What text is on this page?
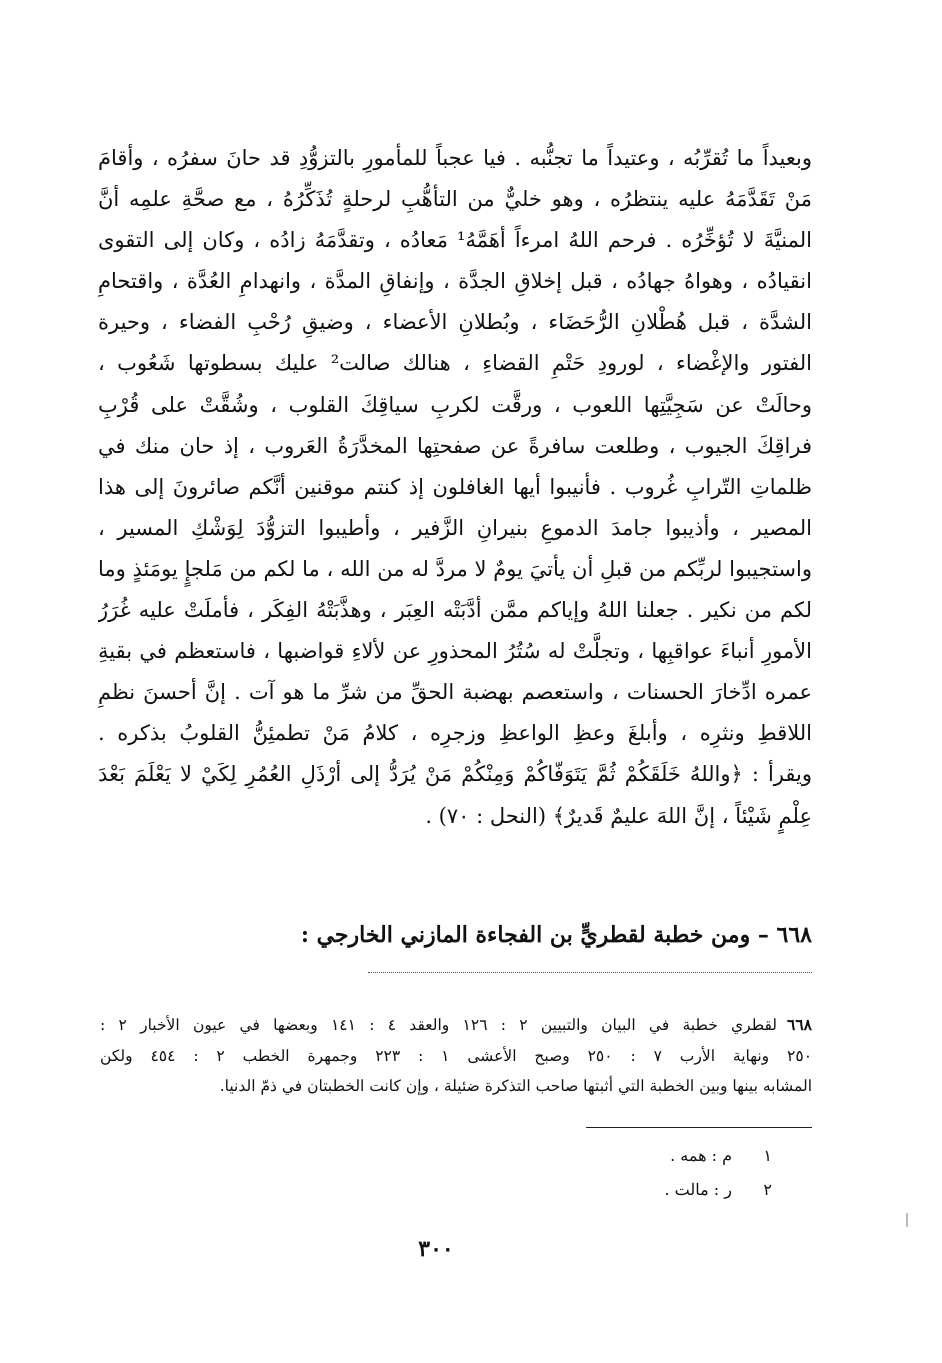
وبعيداً ما تُقرِّبُه ، وعتيداً ما تجنُّبه . فيا عجباً للمأمورِ بالتزوُّدِ قد حانَ سفرُه ، وأقامَ
مَنْ تَقَدَّمَهُ عليه ينتظرُه ، وهو خليٌّ من التأهُّبِ لرحلةٍ تُذَكِّرُهُ ، مع صحَّةِ علمِه أنَّ
المنيَّةَ لا تُؤخِّرُه . فرحم اللهُ امرءاً أهَمَّهُ¹ مَعادُه ، وتقدَّمَهُ زادُه ، وكان إلى التقوى
انقيادُه ، وهواهُ جهادُه ، قبل إخلاقِ الجدَّة ، وإنفاقِ المدَّة ، وانهدامِ العُدَّة ، واقتحامِ
الشدَّة ، قبل هُطْلانِ الرُّحَضَاء ، وبُطلانِ الأعضاء ، وضيقِ رُحْبِ الفضاء ، وحيرة
الفتور والإغْضاء ، لورودِ حَتْمِ القضاءِ ، هنالك صالت² عليك بسطوتها شَعُوب ،
وحالَتْ عن سَجِيَّتِها اللعوب ، ورقَّت لكربِ سياقِكَ القلوب ، وشُقَّتْ على قُرْبِ
فراقِكَ الجيوب ، وطلعت سافرةً عن صفحتِها المخدَّرَةُ العَروب ، إذ حان منك في
ظلماتِ التّرابِ غُروب . فأنيبوا أيها الغافلون إذ كنتم موقنين أنَّكم صائرونَ إلى هذا
المصير ، وأذيبوا جامدَ الدموعِ بنيرانِ الزَّفير ، وأطيبوا التزوُّدَ لِوَشْكِ المسير ،
واستجيبوا لربِّكم من قبلِ أن يأتيَ يومٌ لا مردَّ له من الله ، ما لكم من مَلجإٍ يومَئذٍ وما
لكم من نكير . جعلنا اللهُ وإياكم ممَّن أدَّبَتْه العِبَر ، وهذَّبَتْهُ الفِكَر ، فأملَتْ عليه غُرَرُ
الأمورِ أنباءَ عواقبِها ، وتجلَّتْ له سُتُرُ المحذورِ عن لألاءِ قواضبها ، فاستعظم في بقيةِ
عمره ادِّخارَ الحسنات ، واستعصم بهضبة الحقِّ من شرِّ ما هو آت . إنَّ أحسنَ نظمِ
اللاقطِ ونثرِه ، وأبلغَ وعظِ الواعظِ وزجرِه ، كلامُ مَنْ تطمئِنُّ القلوبُ بذكره .
ويقرأ : ﴿واللهُ خَلَقَكُمْ ثُمَّ يَتَوَفّاكُمْ وَمِنْكُمْ مَنْ يُرَدُّ إلى أرْذَلِ العُمُرِ لِكَيْ لا يَعْلَمَ بَعْدَ
عِلْمٍ شَيْئاً ، إنَّ اللهَ عليمٌ قَديرٌ﴾ (النحل : ٧٠) .
٦٦٨ – ومن خطبة لقطريٍّ بن الفجاءة المازني الخارجي :
٦٦٨لقطري خطبة في البيان والتبيين ٢ : ١٢٦ والعقد ٤ : ١٤١ وبعضها في عيون الأخبار ٢ :
٢٥٠ ونهاية الأرب ٧ : ٢٥٠ وصبح الأعشى ١ : ٢٢٣ وجمهرة الخطب ٢ : ٤٥٤ ولكن
المشابه بينها وبين الخطبة التي أثبتها صاحب التذكرة ضئيلة ، وإن كانت الخطبتان في ذمّ الدنيا.
١م : همه .
٢ر : مالت .
٣٠٠
